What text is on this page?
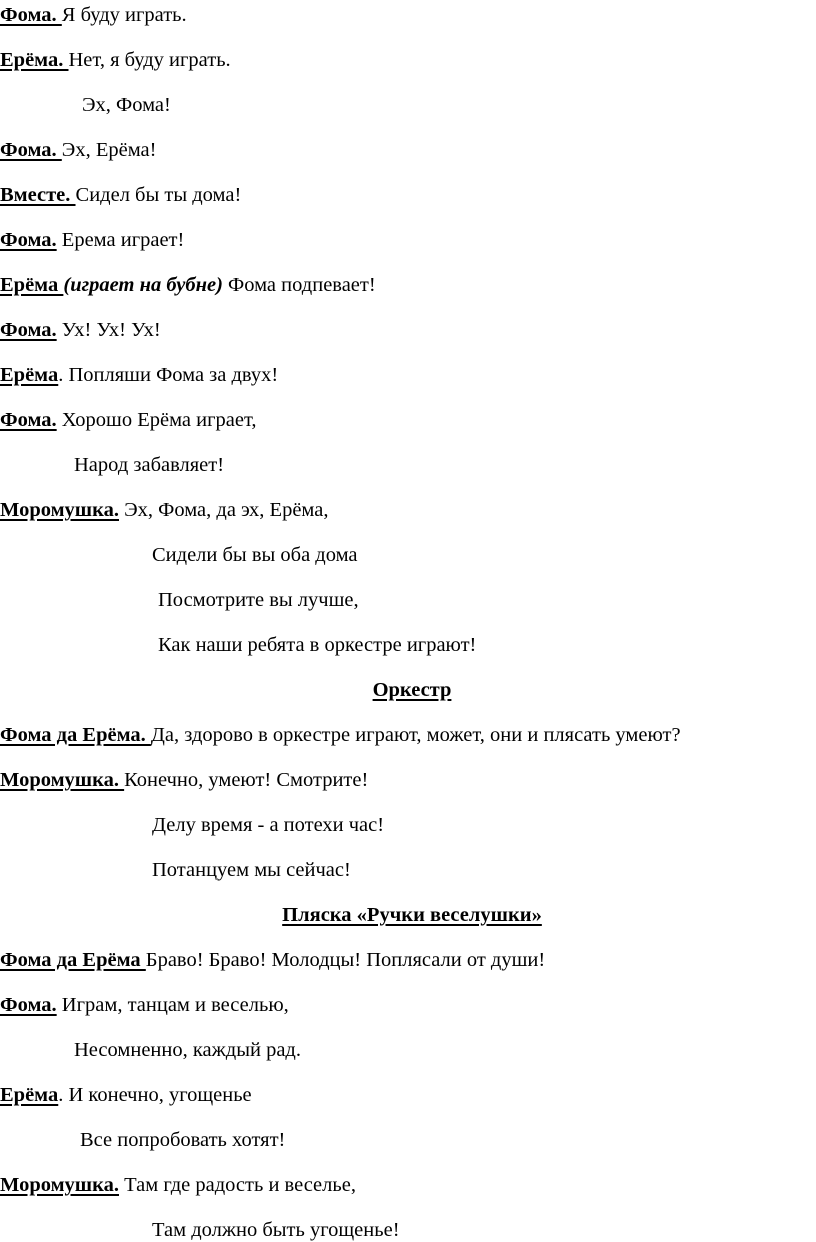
Фома. Я буду играть.
Ерёма. Нет, я буду играть.
Эх, Фома!
Фома. Эх, Ерёма!
Вместе. Сидел бы ты дома!
Фома. Ерема играет!
Ерёма (играет на бубне) Фома подпевает!
Фома. Ух! Ух! Ух!
Ерёма. Попляши Фома за двух!
Фома. Хорошо Ерёма играет,
Народ забавляет!
Моромушка. Эх, Фома, да эх, Ерёма,
Сидели бы вы оба дома
Посмотрите вы лучше,
Как наши ребята в оркестре играют!
Оркестр
Фома да Ерёма. Да, здорово в оркестре играют, может, они и плясать умеют?
Моромушка. Конечно, умеют! Смотрите!
Делу время - а потехи час!
Потанцуем мы сейчас!
Пляска «Ручки веселушки»
Фома да Ерёма Браво! Браво! Молодцы! Поплясали от души!
Фома. Играм, танцам и веселью,
Несомненно, каждый рад.
Ерёма. И конечно, угощенье
Все попробовать хотят!
Моромушка. Там где радость и веселье,
Там должно быть угощенье!
